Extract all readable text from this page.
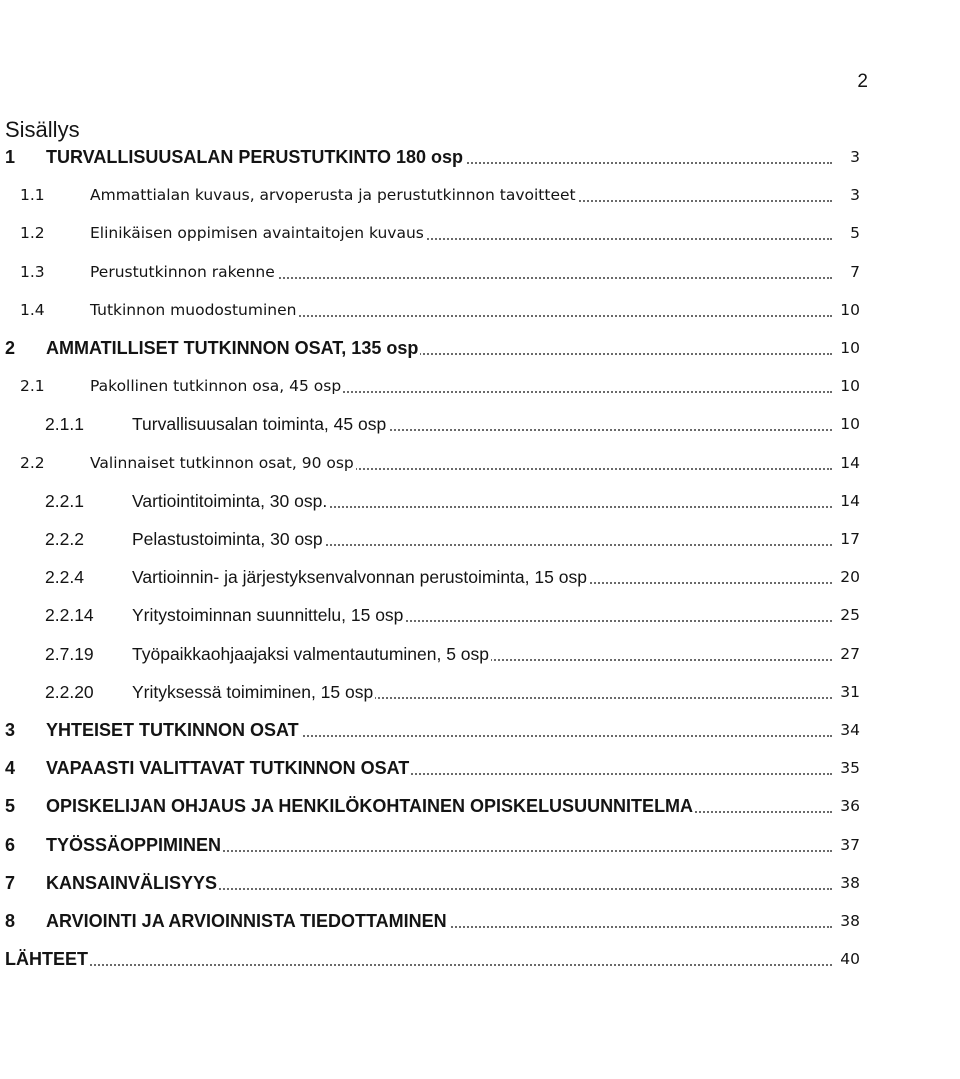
2
Sisällys
1 TURVALLISUUSALAN PERUSTUTKINTO 180 osp	3
1.1	Ammattialan kuvaus, arvoperusta ja perustutkinnon tavoitteet	3
1.2	Elinikäisen oppimisen avaintaitojen kuvaus	5
1.3	Perustutkinnon rakenne	7
1.4	Tutkinnon muodostuminen	10
2 AMMATILLISET TUTKINNON OSAT, 135 osp	10
2.1	Pakollinen tutkinnon osa, 45 osp	10
2.1.1	Turvallisuusalan toiminta, 45 osp	10
2.2	Valinnaiset tutkinnon osat, 90 osp	14
2.2.1	Vartiointitoiminta, 30 osp.	14
2.2.2	Pelastustoiminta, 30 osp	17
2.2.4	Vartioinnin- ja järjestyksenvalvonnan perustoiminta, 15 osp	20
2.2.14 Yritystoiminnan suunnittelu, 15 osp	25
2.7.19 Työpaikkaohjaajaksi valmentautuminen, 5 osp	27
2.2.20 Yrityksessä toimiminen, 15 osp	31
3 YHTEISET TUTKINNON OSAT	34
4 VAPAASTI VALITTAVAT TUTKINNON OSAT	35
5 OPISKELIJAN OHJAUS JA HENKILÖKOHTAINEN OPISKELUSUUNNITELMA	36
6 TYÖSSÄOPPIMINEN	37
7 KANSAINVÄLISYYS	38
8 ARVIOINTI JA ARVIOINNISTA TIEDOTTAMINEN	38
LÄHTEET	40
